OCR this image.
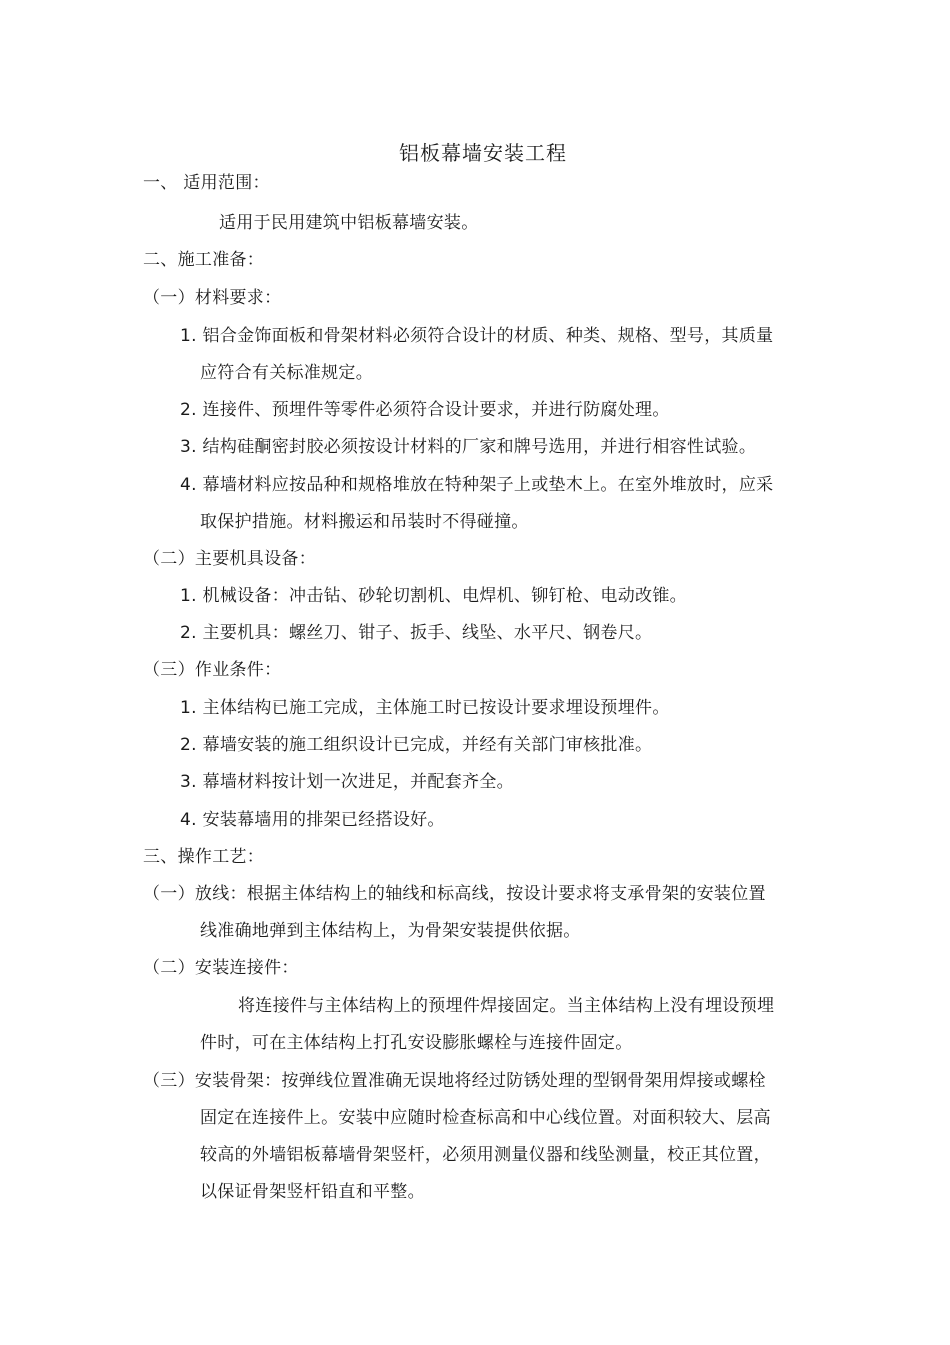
铝板幕墙安装工程
一、 适用范围：
适用于民用建筑中铝板幕墙安装。
二、施工准备：
（一）材料要求：
1. 铝合金饰面板和骨架材料必须符合设计的材质、种类、规格、型号，其质量
应符合有关标准规定。
2. 连接件、预埋件等零件必须符合设计要求，并进行防腐处理。
3. 结构硅酮密封胶必须按设计材料的厂家和牌号选用，并进行相容性试验。
4. 幕墙材料应按品种和规格堆放在特种架子上或垫木上。在室外堆放时，应采
取保护措施。材料搬运和吊装时不得碰撞。
（二）主要机具设备：
1. 机械设备：冲击钻、砂轮切割机、电焊机、铆钉枪、电动改锥。
2. 主要机具：螺丝刀、钳子、扳手、线坠、水平尺、钢卷尺。
（三）作业条件：
1. 主体结构已施工完成，主体施工时已按设计要求埋设预埋件。
2. 幕墙安装的施工组织设计已完成，并经有关部门审核批准。
3. 幕墙材料按计划一次进足，并配套齐全。
4. 安装幕墙用的排架已经搭设好。
三、操作工艺：
（一）放线：根据主体结构上的轴线和标高线，按设计要求将支承骨架的安装位置
线准确地弹到主体结构上，为骨架安装提供依据。
（二）安装连接件：
将连接件与主体结构上的预埋件焊接固定。当主体结构上没有埋设预埋
件时，可在主体结构上打孔安设膨胀螺栓与连接件固定。
（三）安装骨架：按弹线位置准确无误地将经过防锈处理的型钢骨架用焊接或螺栓
固定在连接件上。安装中应随时检查标高和中心线位置。对面积较大、层高
较高的外墙铝板幕墙骨架竖杆，必须用测量仪器和线坠测量，校正其位置，
以保证骨架竖杆铅直和平整。
